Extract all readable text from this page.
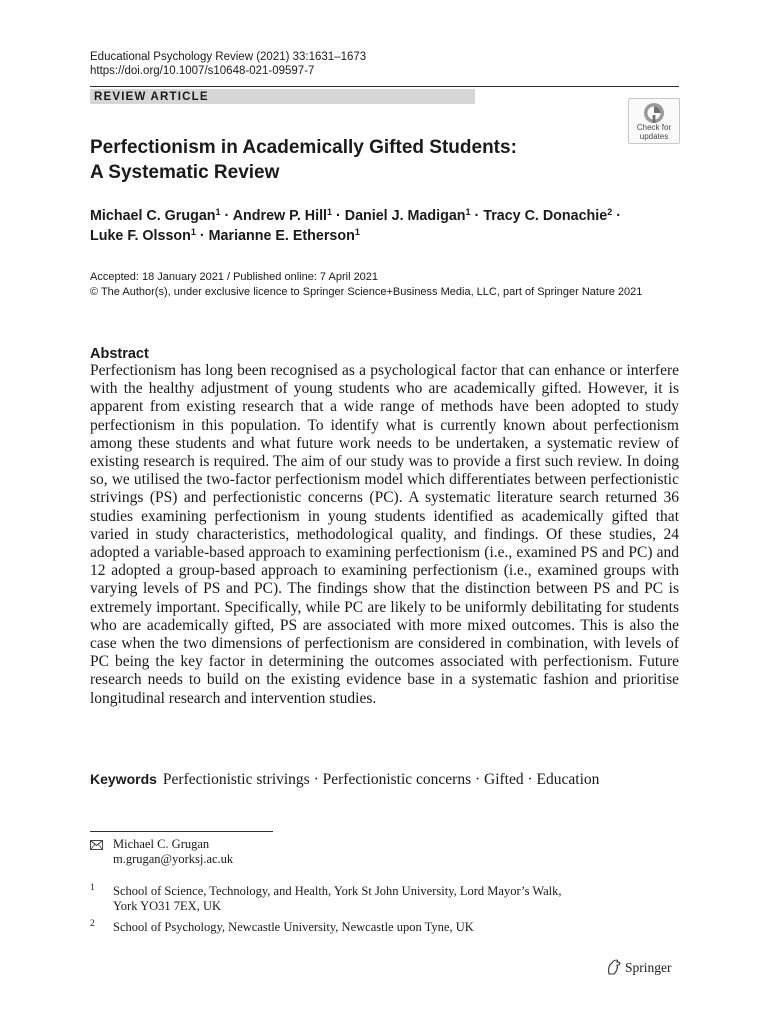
Educational Psychology Review (2021) 33:1631–1673
https://doi.org/10.1007/s10648-021-09597-7
REVIEW ARTICLE
Check for
updates
Perfectionism in Academically Gifted Students:
A Systematic Review
Michael C. Grugan$^1$ · Andrew P. Hill$^1$ · Daniel J. Madigan$^1$ · Tracy C. Donachie$^2$ ·
Luke F. Olsson$^1$ · Marianne E. Etherson$^1$
Accepted: 18 January 2021 / Published online: 7 April 2021
© The Author(s), under exclusive licence to Springer Science+Business Media, LLC, part of Springer Nature 2021
Abstract
Perfectionism has long been recognised as a psychological factor that can enhance or interfere with the healthy adjustment of young students who are academically gifted. However, it is apparent from existing research that a wide range of methods have been adopted to study perfectionism in this population. To identify what is currently known about perfectionism among these students and what future work needs to be undertaken, a systematic review of existing research is required. The aim of our study was to provide a first such review. In doing so, we utilised the two-factor perfectionism model which differentiates between perfectionistic strivings (PS) and perfectionistic concerns (PC). A systematic literature search returned 36 studies examining perfectionism in young students identified as academically gifted that varied in study characteristics, methodological quality, and findings. Of these studies, 24 adopted a variable-based approach to examining perfectionism (i.e., examined PS and PC) and 12 adopted a group-based approach to examining perfectionism (i.e., examined groups with varying levels of PS and PC). The findings show that the distinction between PS and PC is extremely important. Specifically, while PC are likely to be uniformly debilitating for students who are academically gifted, PS are associated with more mixed outcomes. This is also the case when the two dimensions of perfectionism are considered in combination, with levels of PC being the key factor in determining the outcomes associated with perfectionism. Future research needs to build on the existing evidence base in a systematic fashion and prioritise longitudinal research and intervention studies.
Keywords Perfectionistic strivings · Perfectionistic concerns · Gifted · Education
Michael C. Grugan
m.grugan@yorksj.ac.uk
1 School of Science, Technology, and Health, York St John University, Lord Mayor’s Walk,
York YO31 7EX, UK
2 School of Psychology, Newcastle University, Newcastle upon Tyne, UK
Springer
